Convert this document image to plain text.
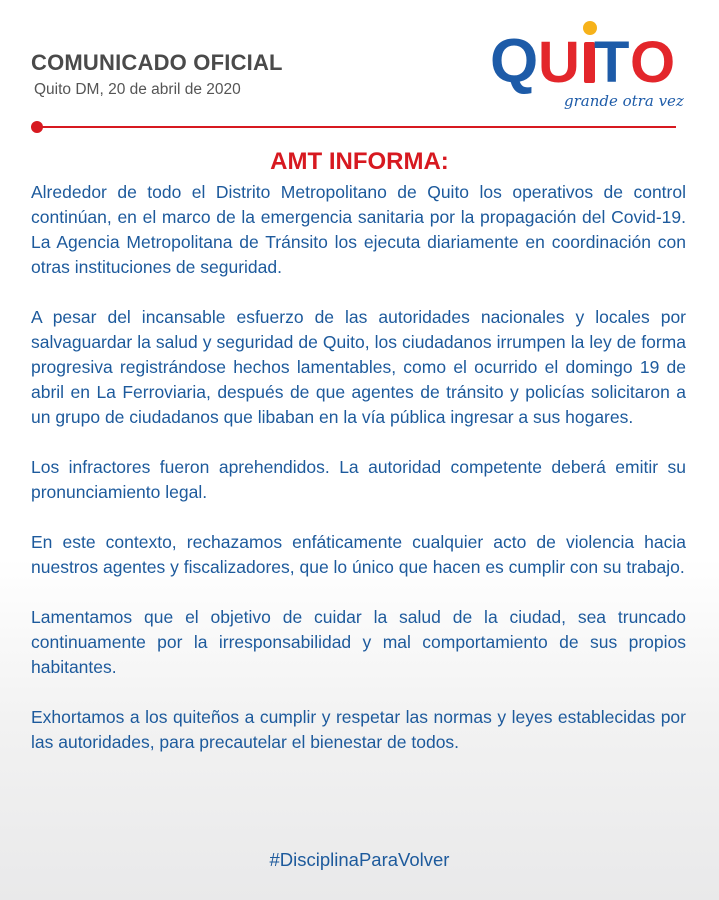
COMUNICADO OFICIAL
Quito DM, 20 de abril de 2020	Q U T O
grande otra vez
AMT INFORMA:

Alrededor de todo el Distrito Metropolitano de Quito los operativos de control continúan, en el marco de la emergencia sanitaria por la propagación del Covid-19. La Agencia Metropolitana de Tránsito los ejecuta diariamente en coordinación con otras instituciones de seguridad.

A pesar del incansable esfuerzo de las autoridades nacionales y locales por salvaguardar la salud y seguridad de Quito, los ciudadanos irrumpen la ley de forma progresiva registrándose hechos lamentables, como el ocurrido el domingo 19 de abril en La Ferroviaria, después de que agentes de tránsito y policías solicitaron a un grupo de ciudadanos que libaban en la vía pública ingresar a sus hogares.

Los infractores fueron aprehendidos. La autoridad competente deberá emitir su pronunciamiento legal.

En este contexto, rechazamos enfáticamente cualquier acto de violencia hacia nuestros agentes y fiscalizadores, que lo único que hacen es cumplir con su trabajo.

Lamentamos que el objetivo de cuidar la salud de la ciudad, sea truncado continuamente por la irresponsabilidad y mal comportamiento de sus propios habitantes.

Exhortamos a los quiteños a cumplir y respetar las normas y leyes establecidas por las autoridades, para precautelar el bienestar de todos.

#DisciplinaParaVolver
